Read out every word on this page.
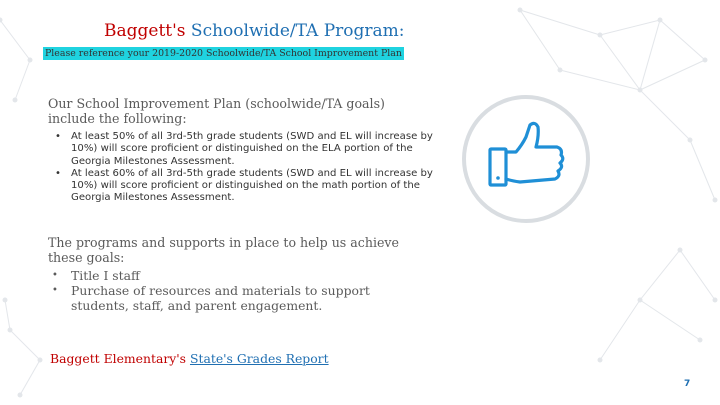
Baggett's Schoolwide/TA Program:
Please reference your 2019-2020 Schoolwide/TA School Improvement Plan
Our School Improvement Plan (schoolwide/TA goals) include the following:
• At least 50% of all 3rd-5th grade students (SWD and EL will increase by 10%) will score proficient or distinguished on the ELA portion of the Georgia Milestones Assessment.
• At least 60% of all 3rd-5th grade students (SWD and EL will increase by 10%) will score proficient or distinguished on the math portion of the Georgia Milestones Assessment.
The programs and supports in place to help us achieve these goals:
• Title I staff
• Purchase of resources and materials to support students, staff, and parent engagement.
Baggett Elementary's State's Grades Report
7
